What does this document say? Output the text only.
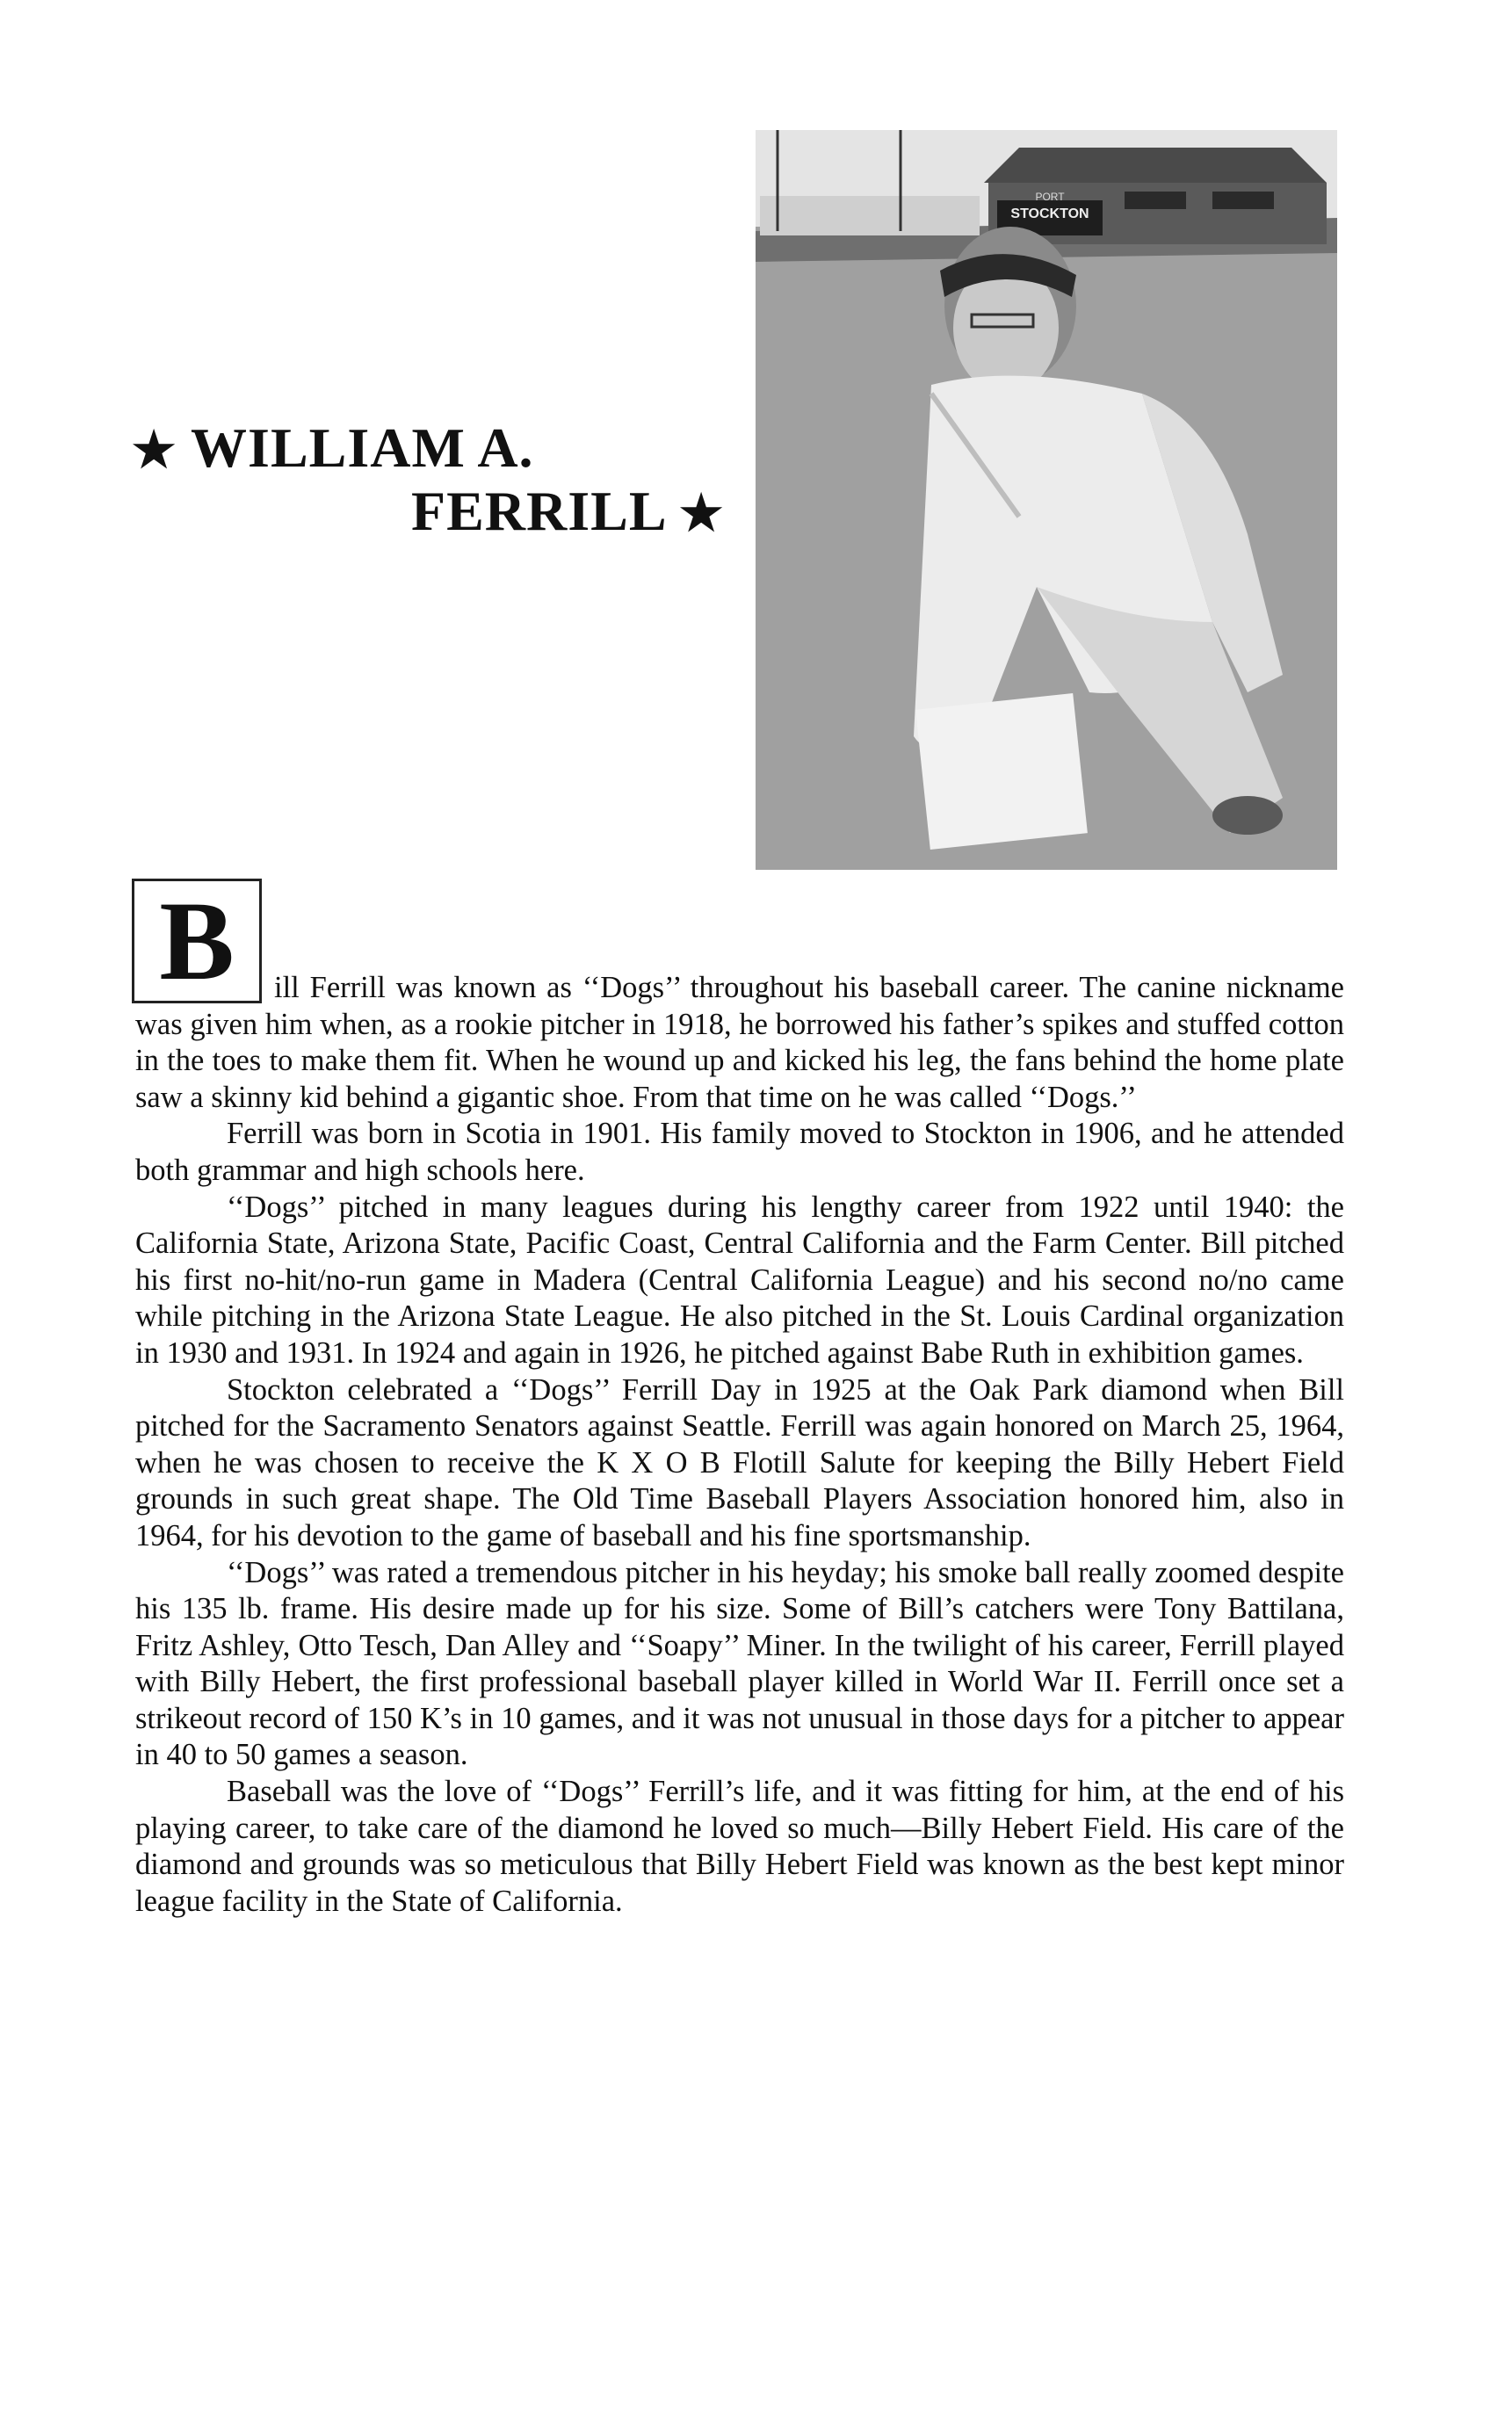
★ WILLIAM A.
FERRILL ★
PORT
STOCKTON
B	ill Ferrill was known as ‘‘Dogs’’ throughout his baseball career. The canine nickname was given him when, as a rookie pitcher in 1918, he borrowed his father’s spikes and stuffed cotton in the toes to make them fit. When he wound up and kicked his leg, the fans behind the home plate saw a skinny kid behind a gigantic shoe. From that time on he was called ‘‘Dogs.’’

Ferrill was born in Scotia in 1901. His family moved to Stockton in 1906, and he attended both grammar and high schools here.

‘‘Dogs’’ pitched in many leagues during his lengthy career from 1922 until 1940: the California State, Arizona State, Pacific Coast, Central California and the Farm Center. Bill pitched his first no-hit/no-run game in Madera (Central California League) and his second no/no came while pitching in the Arizona State League. He also pitched in the St. Louis Cardinal organization in 1930 and 1931. In 1924 and again in 1926, he pitched against Babe Ruth in exhibition games.

Stockton celebrated a ‘‘Dogs’’ Ferrill Day in 1925 at the Oak Park diamond when Bill pitched for the Sacramento Senators against Seattle. Ferrill was again honored on March 25, 1964, when he was chosen to receive the K X O B Flotill Salute for keeping the Billy Hebert Field grounds in such great shape. The Old Time Baseball Players Association honored him, also in 1964, for his devotion to the game of baseball and his fine sportsmanship.

‘‘Dogs’’ was rated a tremendous pitcher in his heyday; his smoke ball really zoomed despite his 135 lb. frame. His desire made up for his size. Some of Bill’s catchers were Tony Battilana, Fritz Ashley, Otto Tesch, Dan Alley and ‘‘Soapy’’ Miner. In the twilight of his career, Ferrill played with Billy Hebert, the first professional baseball player killed in World War II. Ferrill once set a strikeout record of 150 K’s in 10 games, and it was not unusual in those days for a pitcher to appear in 40 to 50 games a season.

Baseball was the love of ‘‘Dogs’’ Ferrill’s life, and it was fitting for him, at the end of his playing career, to take care of the diamond he loved so much—Billy Hebert Field. His care of the diamond and grounds was so meticulous that Billy Hebert Field was known as the best kept minor league facility in the State of California.
